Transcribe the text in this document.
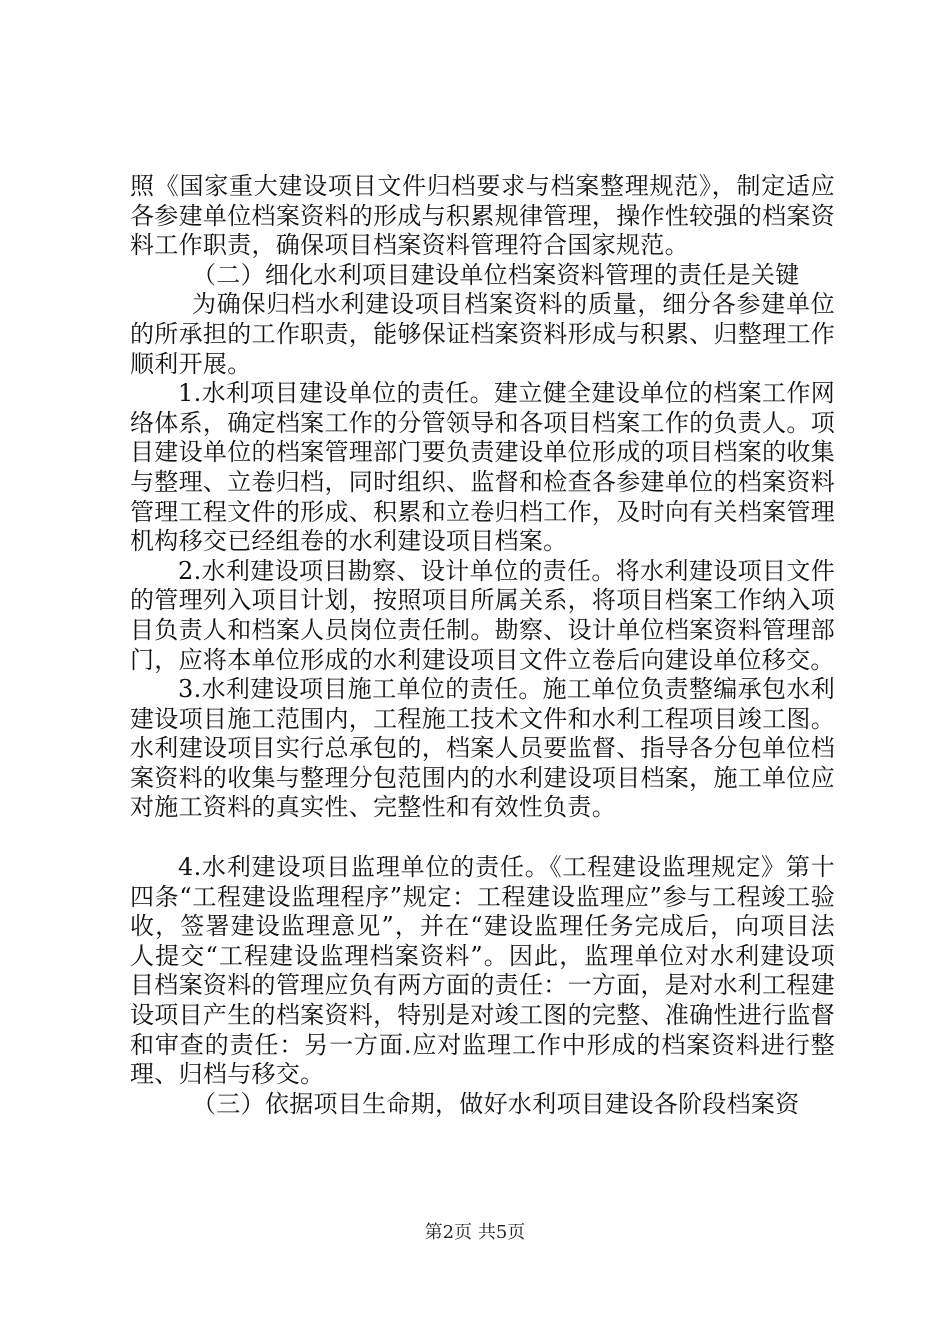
照《国家重大建设项目文件归档要求与档案整理规范》，制定适应各参建单位档案资料的形成与积累规律管理，操作性较强的档案资料工作职责，确保项目档案资料管理符合国家规范。

（二）细化水利项目建设单位档案资料管理的责任是关键

为确保归档水利建设项目档案资料的质量，细分各参建单位的所承担的工作职责，能够保证档案资料形成与积累、归整理工作顺利开展。

1.水利项目建设单位的责任。建立健全建设单位的档案工作网络体系，确定档案工作的分管领导和各项目档案工作的负责人。项目建设单位的档案管理部门要负责建设单位形成的项目档案的收集与整理、立卷归档，同时组织、监督和检查各参建单位的档案资料管理工程文件的形成、积累和立卷归档工作，及时向有关档案管理机构移交已经组卷的水利建设项目档案。

2.水利建设项目勘察、设计单位的责任。将水利建设项目文件的管理列入项目计划，按照项目所属关系，将项目档案工作纳入项目负责人和档案人员岗位责任制。勘察、设计单位档案资料管理部门，应将本单位形成的水利建设项目文件立卷后向建设单位移交。

3.水利建设项目施工单位的责任。施工单位负责整编承包水利建设项目施工范围内，工程施工技术文件和水利工程项目竣工图。水利建设项目实行总承包的，档案人员要监督、指导各分包单位档案资料的收集与整理分包范围内的水利建设项目档案，施工单位应对施工资料的真实性、完整性和有效性负责。

4.水利建设项目监理单位的责任。《工程建设监理规定》第十四条“工程建设监理程序”规定：工程建设监理应”参与工程竣工验收，签署建设监理意见”，并在“建设监理任务完成后，向项目法人提交“工程建设监理档案资料”。因此，监理单位对水利建设项目档案资料的管理应负有两方面的责任：一方面，是对水利工程建设项目产生的档案资料，特别是对竣工图的完整、准确性进行监督和审查的责任：另一方面.应对监理工作中形成的档案资料进行整理、归档与移交。

（三）依据项目生命期，做好水利项目建设各阶段档案资

第2页 共5页
